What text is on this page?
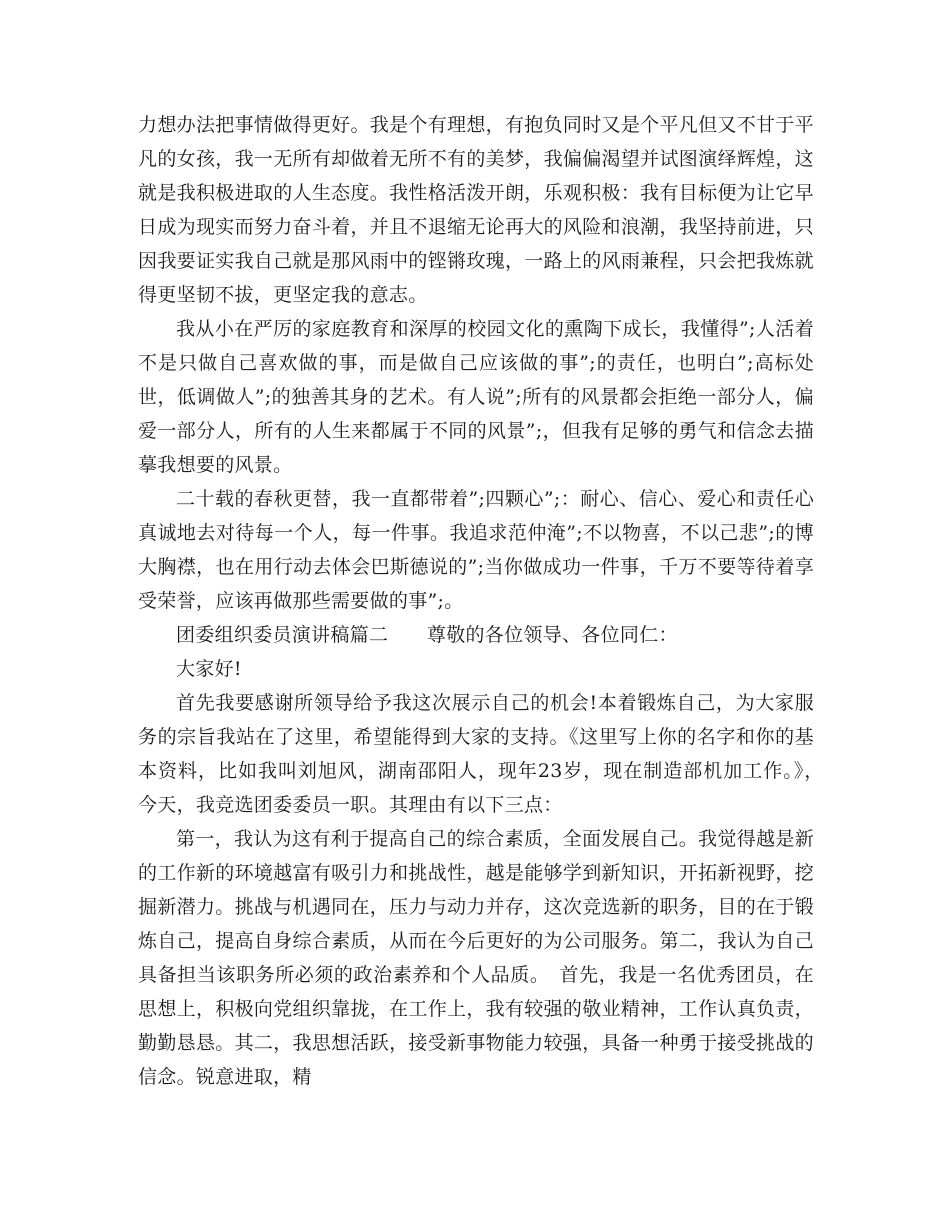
力想办法把事情做得更好。我是个有理想，有抱负同时又是个平凡但又不甘于平凡的女孩，我一无所有却做着无所不有的美梦，我偏偏渴望并试图演绎辉煌，这就是我积极进取的人生态度。我性格活泼开朗，乐观积极：我有目标便为让它早日成为现实而努力奋斗着，并且不退缩无论再大的风险和浪潮，我坚持前进，只因我要证实我自己就是那风雨中的铿锵玫瑰，一路上的风雨兼程，只会把我炼就得更坚韧不拔，更坚定我的意志。

我从小在严厉的家庭教育和深厚的校园文化的熏陶下成长，我懂得”;人活着不是只做自己喜欢做的事，而是做自己应该做的事”;的责任，也明白”;高标处世，低调做人”;的独善其身的艺术。有人说”;所有的风景都会拒绝一部分人，偏爱一部分人，所有的人生来都属于不同的风景”;，但我有足够的勇气和信念去描摹我想要的风景。

二十载的春秋更替，我一直都带着”;四颗心”;：耐心、信心、爱心和责任心真诚地去对待每一个人，每一件事。我追求范仲淹”;不以物喜，不以己悲”;的博大胸襟，也在用行动去体会巴斯德说的”;当你做成功一件事，千万不要等待着享受荣誉，应该再做那些需要做的事”;。

团委组织委员演讲稿篇二　　尊敬的各位领导、各位同仁：

大家好!

首先我要感谢所领导给予我这次展示自己的机会!本着锻炼自己，为大家服务的宗旨我站在了这里，希望能得到大家的支持。《这里写上你的名字和你的基本资料，比如我叫刘旭风，湖南邵阳人，现年23岁，现在制造部机加工作。》，　今天，我竞选团委委员一职。其理由有以下三点：

第一，我认为这有利于提高自己的综合素质，全面发展自己。我觉得越是新的工作新的环境越富有吸引力和挑战性，越是能够学到新知识，开拓新视野，挖掘新潜力。挑战与机遇同在，压力与动力并存，这次竞选新的职务，目的在于锻炼自己，提高自身综合素质，从而在今后更好的为公司服务。第二，我认为自己具备担当该职务所必须的政治素养和个人品质。　首先，我是一名优秀团员，在思想上，积极向党组织靠拢，在工作上，我有较强的敬业精神，工作认真负责，勤勤恳恳。其二，我思想活跃，接受新事物能力较强，具备一种勇于接受挑战的信念。锐意进取，精
